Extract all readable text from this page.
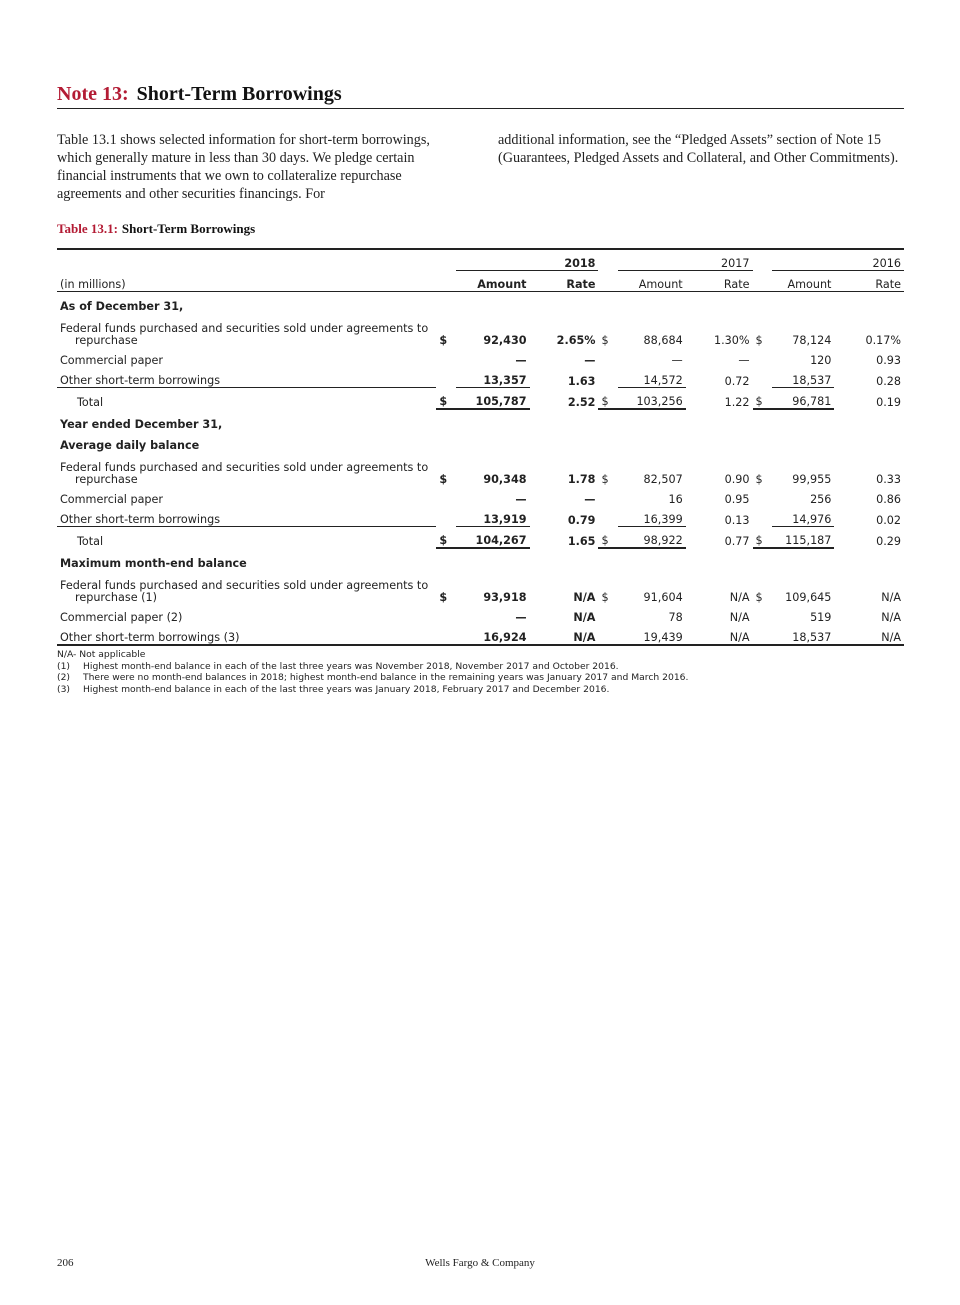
Note 13: Short-Term Borrowings
Table 13.1 shows selected information for short-term borrowings, which generally mature in less than 30 days. We pledge certain financial instruments that we own to collateralize repurchase agreements and other securities financings. For
additional information, see the “Pledged Assets” section of Note 15 (Guarantees, Pledged Assets and Collateral, and Other Commitments).
Table 13.1: Short-Term Borrowings
		2018			2017			2016	
(in millions)		Amount	Rate		Amount	Rate		Amount	Rate
As of December 31,									

Federal funds purchased and securities sold under agreements to
repurchase	$	92,430	2.65%	$	88,684	1.30%	$	78,124	0.17%
Commercial paper		—	—		—	—		120	0.93
Other short-term borrowings		13,357	1.63		14,572	0.72		18,537	0.28
Total	$	105,787	2.52	$	103,256	1.22	$	96,781	0.19
Year ended December 31,									
Average daily balance									

Federal funds purchased and securities sold under agreements to
repurchase	$	90,348	1.78	$	82,507	0.90	$	99,955	0.33
Commercial paper		—	—		16	0.95		256	0.86
Other short-term borrowings		13,919	0.79		16,399	0.13		14,976	0.02
Total	$	104,267	1.65	$	98,922	0.77	$	115,187	0.29
Maximum month-end balance									

Federal funds purchased and securities sold under agreements to
repurchase (1)	$	93,918	N/A	$	91,604	N/A	$	109,645	N/A
Commercial paper (2)		—	N/A		78	N/A		519	N/A
Other short-term borrowings (3)		16,924	N/A		19,439	N/A		18,537	N/A
N/A- Not applicable
(1) Highest month-end balance in each of the last three years was November 2018, November 2017 and October 2016.
(2) There were no month-end balances in 2018; highest month-end balance in the remaining years was January 2017 and March 2016.
(3) Highest month-end balance in each of the last three years was January 2018, February 2017 and December 2016.
206	Wells Fargo & Company
